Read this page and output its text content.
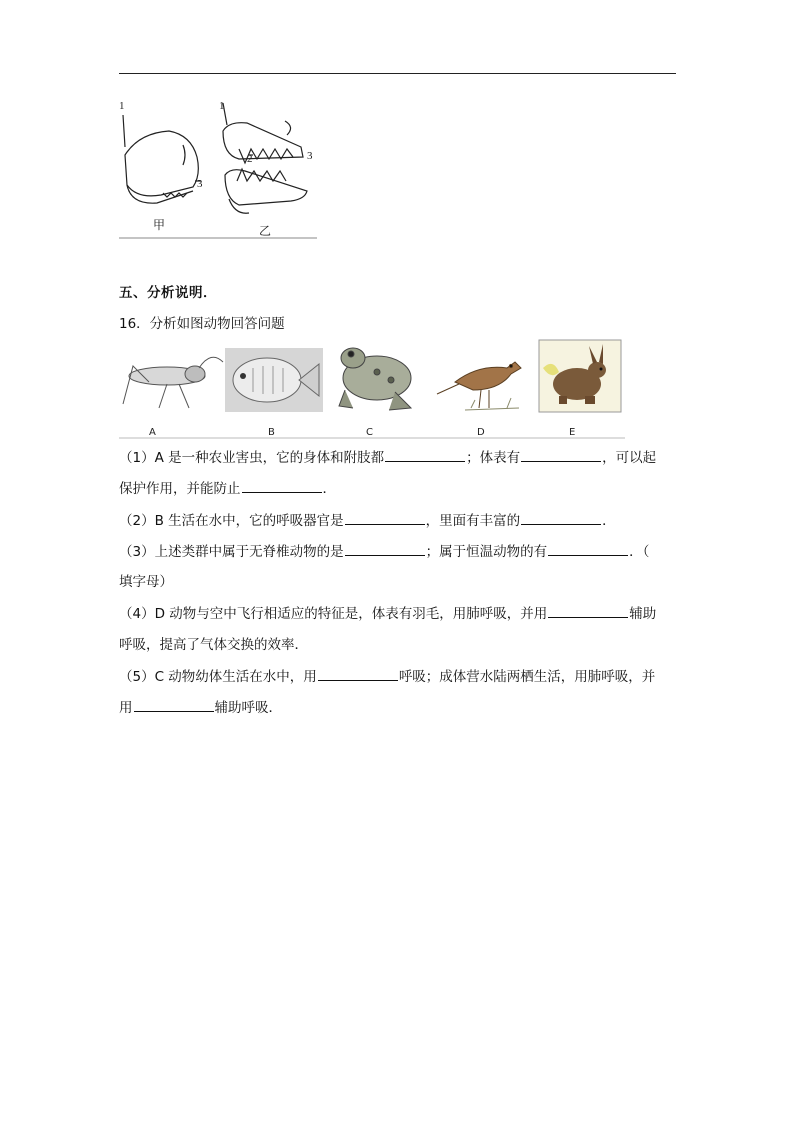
1
3
1
2	3
甲	乙
五、分析说明．
16．分析如图动物回答问题
A	B	C	D	E
（1）A 是一种农业害虫，它的身体和附肢都	；体表有	，可以起
保护作用，并能防止	．
（2）B 生活在水中，它的呼吸器官是	，里面有丰富的	．
（3）上述类群中属于无脊椎动物的是	；属于恒温动物的有	．（
填字母）
（4）D 动物与空中飞行相适应的特征是，体表有羽毛，用肺呼吸，并用	辅助
呼吸，提高了气体交换的效率．
（5）C 动物幼体生活在水中，用	呼吸；成体营水陆两栖生活，用肺呼吸，并
用	辅助呼吸．
